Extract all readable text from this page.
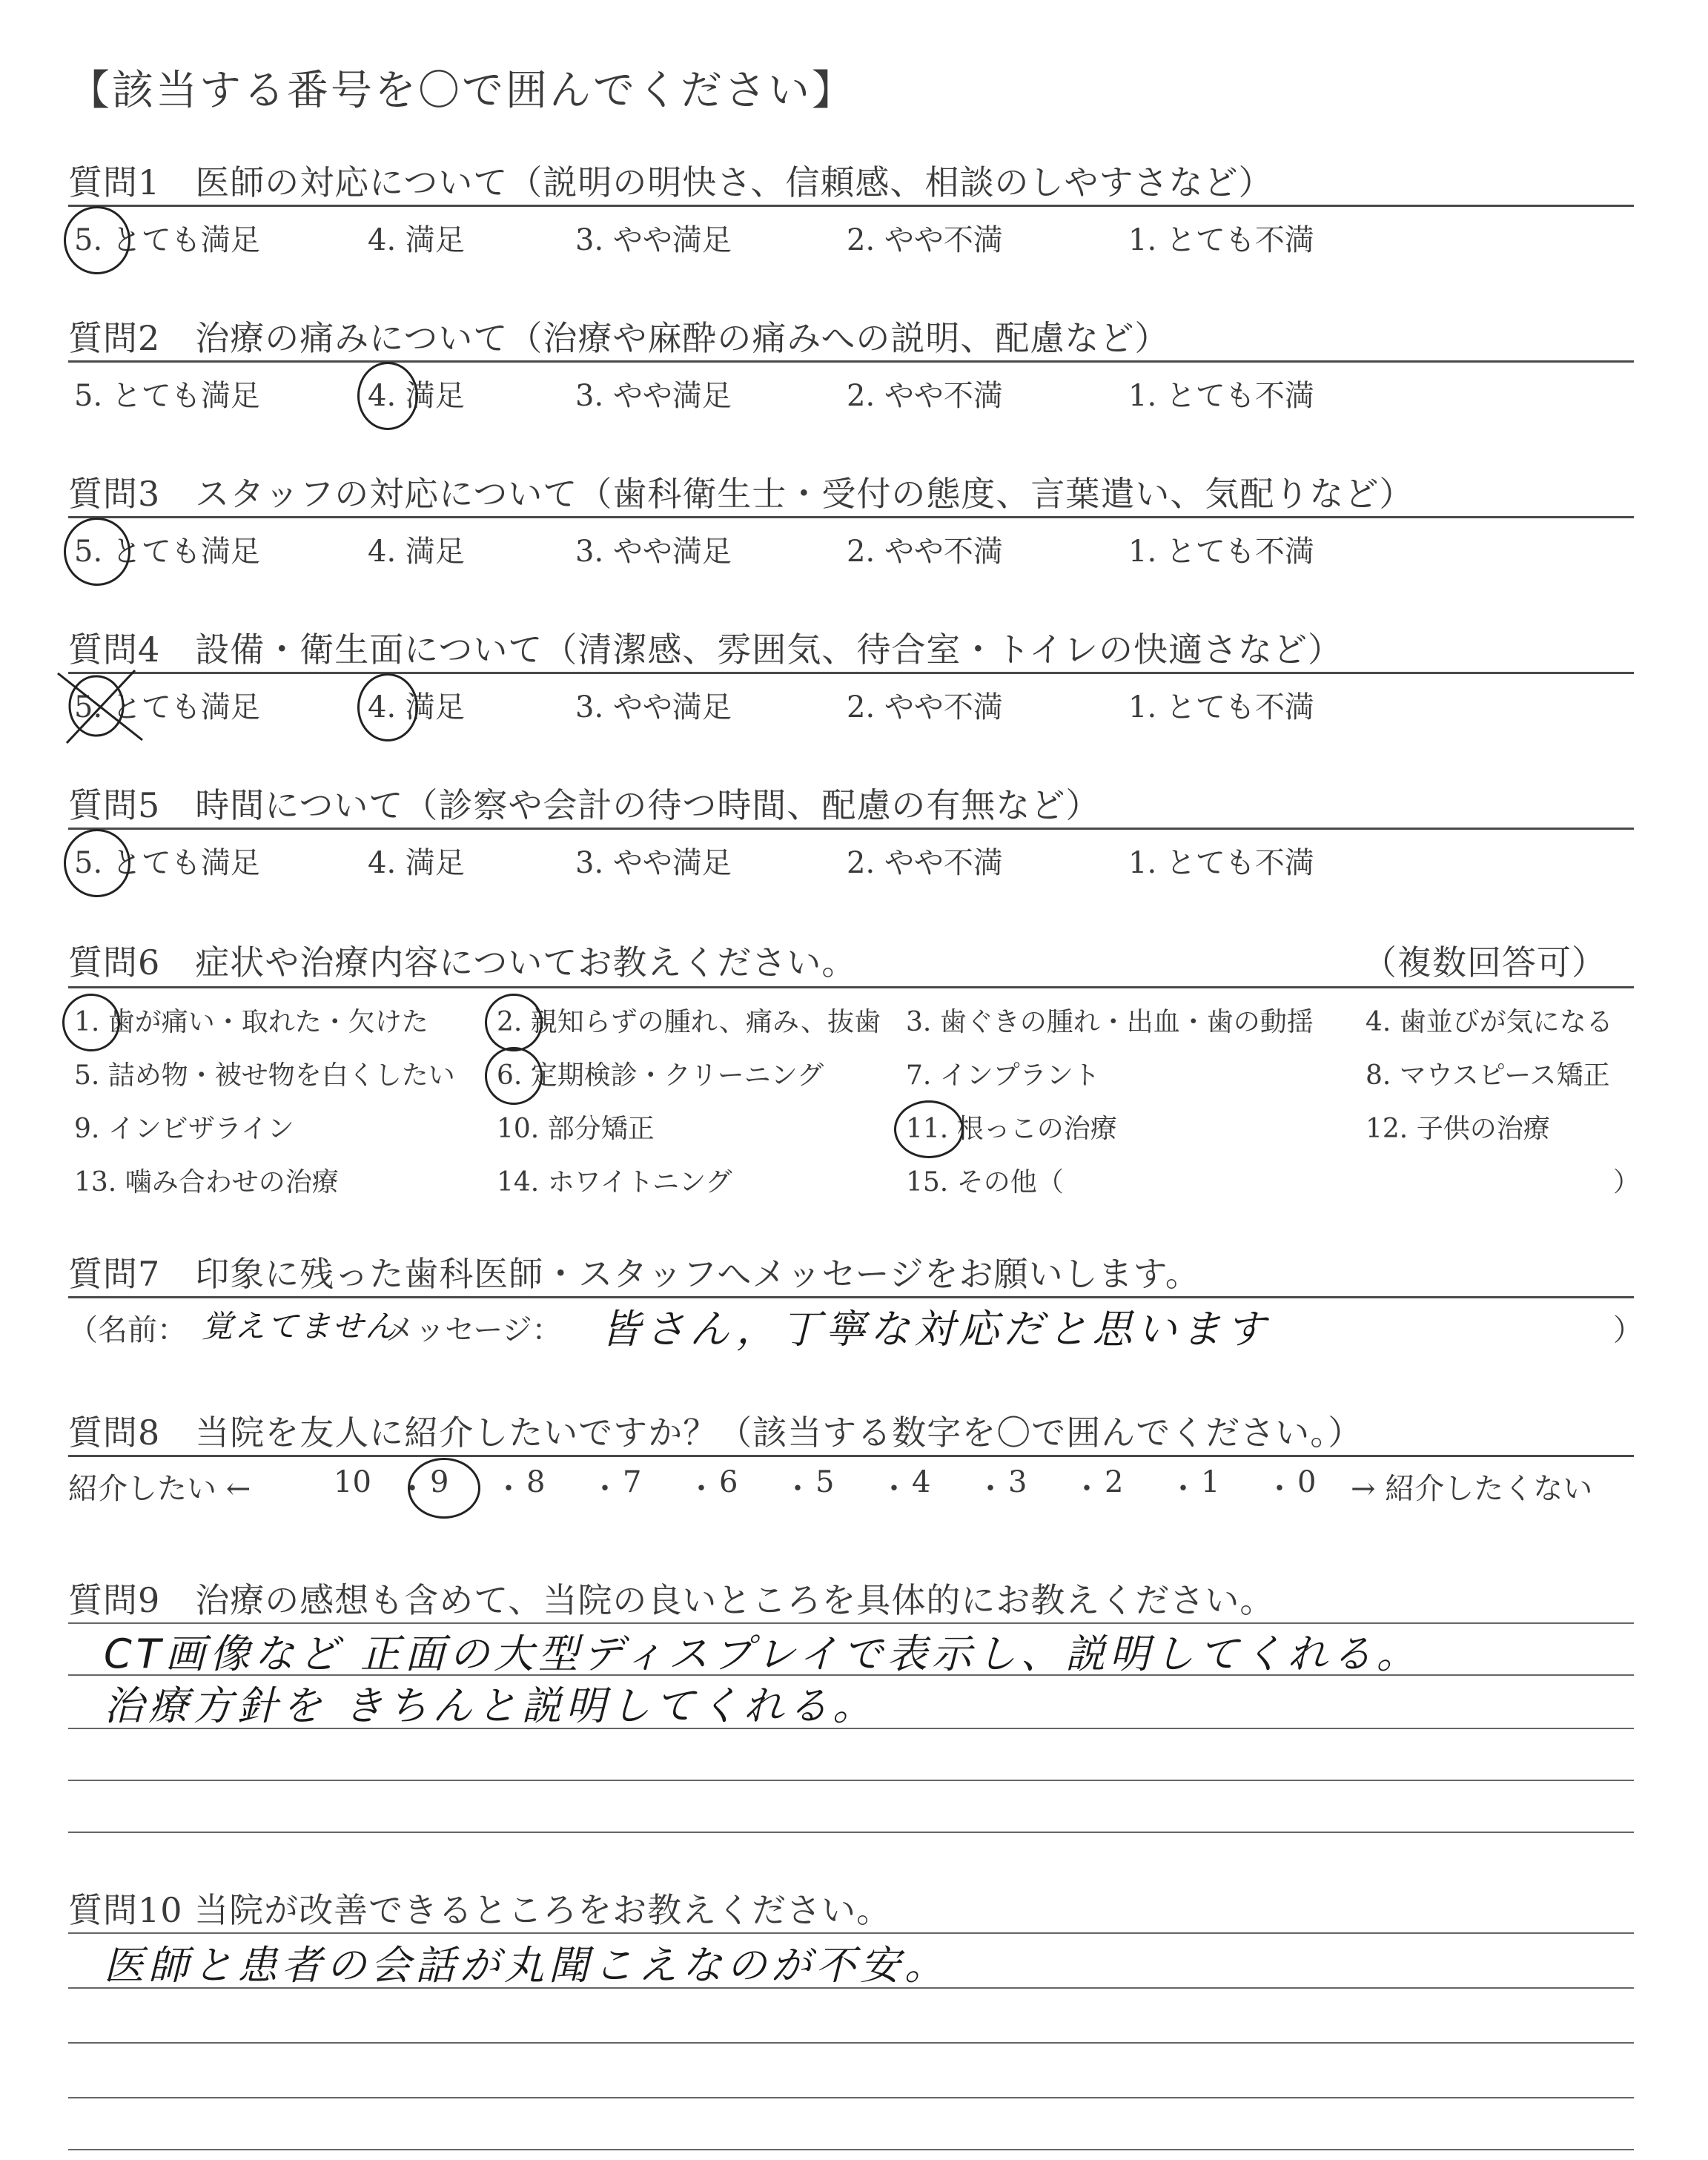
【該当する番号を〇で囲んでください】
質問1　医師の対応について（説明の明快さ、信頼感、相談のしやすさなど）
5. とても満足	4. 満足	3. やや満足	2. やや不満	1. とても不満
質問2　治療の痛みについて（治療や麻酔の痛みへの説明、配慮など）
5. とても満足	4. 満足	3. やや満足	2. やや不満	1. とても不満
質問3　スタッフの対応について（歯科衛生士・受付の態度、言葉遣い、気配りなど）
5. とても満足	4. 満足	3. やや満足	2. やや不満	1. とても不満
質問4　設備・衛生面について（清潔感、雰囲気、待合室・トイレの快適さなど）
5. とても満足	4. 満足	3. やや満足	2. やや不満	1. とても不満
質問5　時間について（診察や会計の待つ時間、配慮の有無など）
5. とても満足	4. 満足	3. やや満足	2. やや不満	1. とても不満
質問6　症状や治療内容についてお教えください。	（複数回答可）
1. 歯が痛い・取れた・欠けた	2. 親知らずの腫れ、痛み、抜歯 3. 歯ぐきの腫れ・出血・歯の動揺 4. 歯並びが気になる
5. 詰め物・被せ物を白くしたい 6. 定期検診・クリーニング	7. インプラント	8. マウスピース矯正
9. インビザライン	10. 部分矯正	11. 根っこの治療	12. 子供の治療
13. 噛み合わせの治療	14. ホワイトニング	15. その他（	）
質問7　印象に残った歯科医師・スタッフへメッセージをお願いします。
（名前： 覚えてません
メッセージ： 皆さん，丁寧な対応だと思います	）
質問8　当院を友人に紹介したいですか？（該当する数字を〇で囲んでください。）
紹介したい ←	→ 紹介したくない
10 ・ 9 ・ 8 ・ 7 ・ 6 ・ 5 ・ 4 ・ 3 ・ 2 ・ 1 ・ 0
質問9　治療の感想も含めて、当院の良いところを具体的にお教えください。
CT画像など 正面の大型ディスプレイで表示し、説明してくれる。
治療方針を きちんと説明してくれる。
質問10 当院が改善できるところをお教えください。
医師と患者の会話が丸聞こえなのが不安。
